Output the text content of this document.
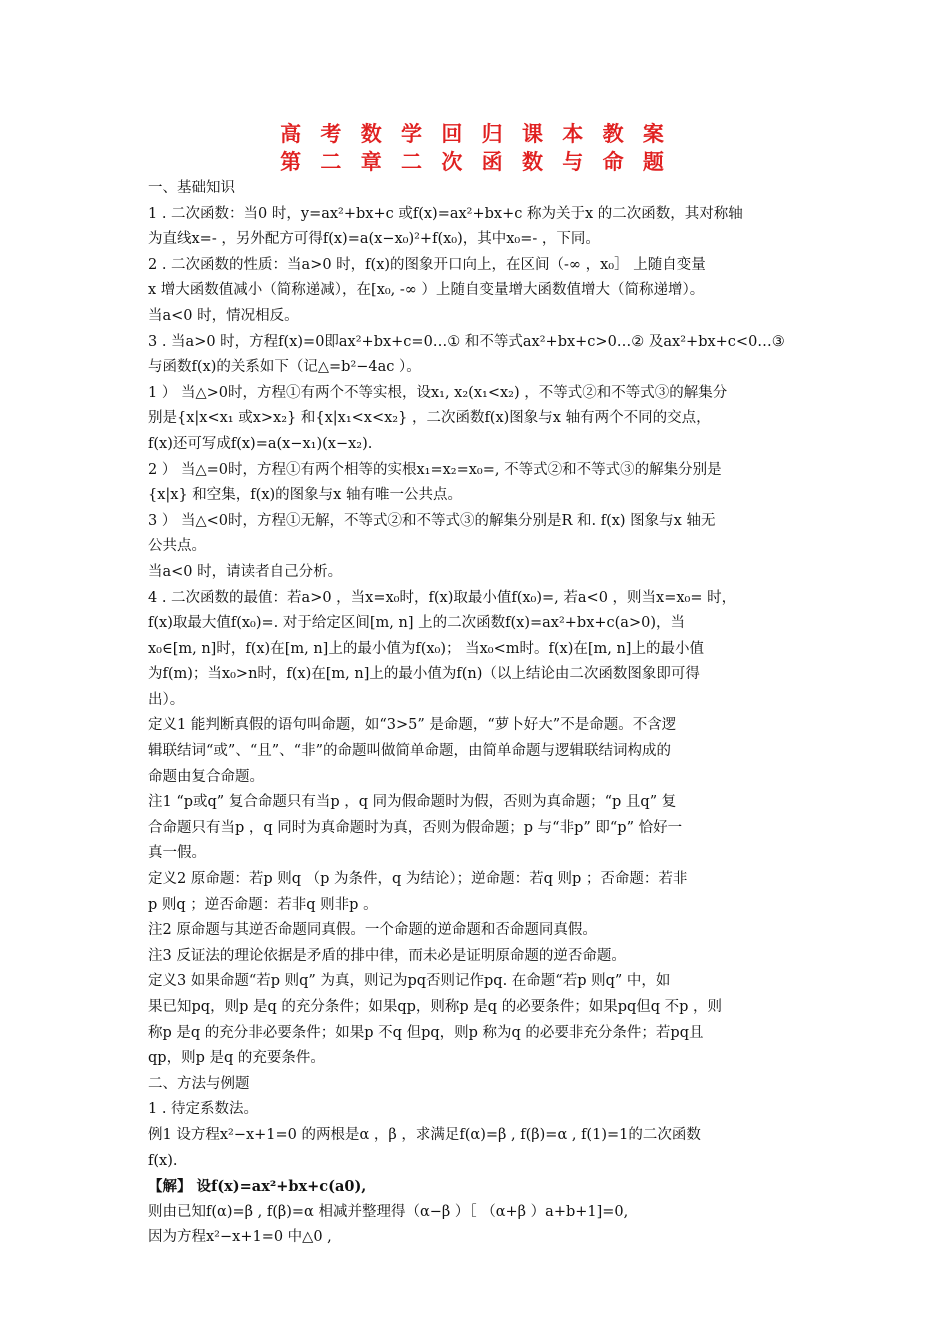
高 考 数 学 回 归 课 本 教 案
第 二 章 二 次 函 数 与 命 题
一、基础知识
1 . 二次函数：当0 时，y=ax²+bx+c 或f(x)=ax²+bx+c 称为关于x 的二次函数，其对称轴
为直线x=- ，另外配方可得f(x)=a(x−x₀)²+f(x₀)，其中x₀=- ，下同。
2 . 二次函数的性质：当a>0 时，f(x)的图象开口向上，在区间（-∞ ，x₀］ 上随自变量
x 增大函数值减小（简称递减），在[x₀, -∞ ）上随自变量增大函数值增大（简称递增）。
当a<0 时，情况相反。
3 . 当a>0 时，方程f(x)=0即ax²+bx+c=0…① 和不等式ax²+bx+c>0…② 及ax²+bx+c<0…③
与函数f(x)的关系如下（记△=b²−4ac ）。
1 ） 当△>0时，方程①有两个不等实根，设x₁, x₂(x₁<x₂) ，不等式②和不等式③的解集分
别是{x|x<x₁ 或x>x₂} 和{x|x₁<x<x₂} ，二次函数f(x)图象与x 轴有两个不同的交点，
f(x)还可写成f(x)=a(x−x₁)(x−x₂).
2 ） 当△=0时，方程①有两个相等的实根x₁=x₂=x₀=, 不等式②和不等式③的解集分别是
{x|x} 和空集，f(x)的图象与x 轴有唯一公共点。
3 ） 当△<0时，方程①无解，不等式②和不等式③的解集分别是R 和. f(x) 图象与x 轴无
公共点。
当a<0 时，请读者自己分析。
4 . 二次函数的最值：若a>0 ，当x=x₀时，f(x)取最小值f(x₀)=, 若a<0 ，则当x=x₀= 时，
f(x)取最大值f(x₀)=. 对于给定区间[m, n] 上的二次函数f(x)=ax²+bx+c(a>0)，当
x₀∈[m, n]时，f(x)在[m, n]上的最小值为f(x₀)； 当x₀<m时。f(x)在[m, n]上的最小值
为f(m)；当x₀>n时，f(x)在[m, n]上的最小值为f(n)（以上结论由二次函数图象即可得
出）。
定义1 能判断真假的语句叫命题，如“3>5” 是命题，“萝卜好大”不是命题。不含逻
辑联结词“或”、“且”、“非”的命题叫做简单命题，由简单命题与逻辑联结词构成的
命题由复合命题。
注1 “p或q” 复合命题只有当p ，q 同为假命题时为假，否则为真命题；“p 且q” 复
合命题只有当p ，q 同时为真命题时为真，否则为假命题；p 与“非p” 即“p” 恰好一
真一假。
定义2 原命题：若p 则q （p 为条件，q 为结论）；逆命题：若q 则p ；否命题：若非
p 则q ；逆否命题：若非q 则非p 。
注2 原命题与其逆否命题同真假。一个命题的逆命题和否命题同真假。
注3 反证法的理论依据是矛盾的排中律，而未必是证明原命题的逆否命题。
定义3 如果命题“若p 则q” 为真，则记为pq否则记作pq. 在命题“若p 则q” 中，如
果已知pq，则p 是q 的充分条件；如果qp，则称p 是q 的必要条件；如果pq但q 不p ，则
称p 是q 的充分非必要条件；如果p 不q 但pq，则p 称为q 的必要非充分条件；若pq且
qp，则p 是q 的充要条件。
二、方法与例题
1 . 待定系数法。
例1 设方程x²−x+1=0 的两根是α ，β ，求满足f(α)=β , f(β)=α , f(1)=1的二次函数
f(x).
【解】 设f(x)=ax²+bx+c(a0),
则由已知f(α)=β , f(β)=α 相减并整理得（α−β ）［ （α+β ）a+b+1]=0,
因为方程x²−x+1=0 中△0 ,
